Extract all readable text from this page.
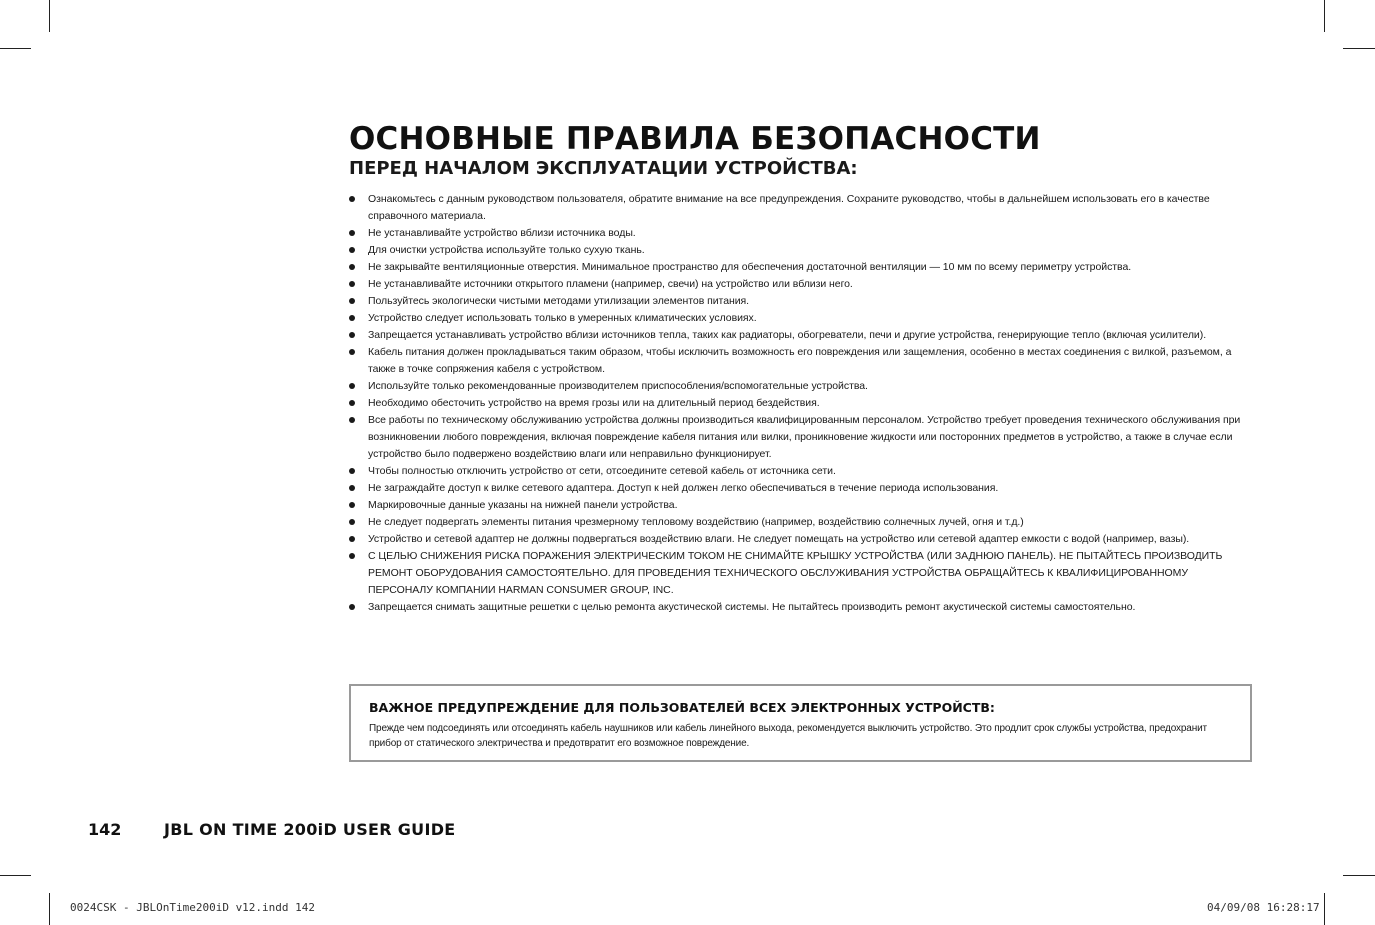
ОСНОВНЫЕ ПРАВИЛА БЕЗОПАСНОСТИ
ПЕРЕД НАЧАЛОМ ЭКСПЛУАТАЦИИ УСТРОЙСТВА:
Ознакомьтесь с данным руководством пользователя, обратите внимание на все предупреждения. Сохраните руководство, чтобы в дальнейшем использовать его в качестве справочного материала.
Не устанавливайте устройство вблизи источника воды.
Для очистки устройства используйте только сухую ткань.
Не закрывайте вентиляционные отверстия. Минимальное пространство для обеспечения достаточной вентиляции — 10 мм по всему периметру устройства.
Не устанавливайте источники открытого пламени (например, свечи) на устройство или вблизи него.
Пользуйтесь экологически чистыми методами утилизации элементов питания.
Устройство следует использовать только в умеренных климатических условиях.
Запрещается устанавливать устройство вблизи источников тепла, таких как радиаторы, обогреватели, печи и другие устройства, генерирующие тепло (включая усилители).
Кабель питания должен прокладываться таким образом, чтобы исключить возможность его повреждения или защемления, особенно в местах соединения с вилкой, разъемом, а также в точке сопряжения кабеля с устройством.
Используйте только рекомендованные производителем приспособления/вспомогательные устройства.
Необходимо обесточить устройство на время грозы или на длительный период бездействия.
Все работы по техническому обслуживанию устройства должны производиться квалифицированным персоналом. Устройство требует проведения технического обслуживания при возникновении любого повреждения, включая повреждение кабеля питания или вилки, проникновение жидкости или посторонних предметов в устройство, а также в случае если устройство было подвержено воздействию влаги или неправильно функционирует.
Чтобы полностью отключить устройство от сети, отсоедините сетевой кабель от источника сети.
Не заграждайте доступ к вилке сетевого адаптера. Доступ к ней должен легко обеспечиваться в течение периода использования.
Маркировочные данные указаны на нижней панели устройства.
Не следует подвергать элементы питания чрезмерному тепловому воздействию (например, воздействию солнечных лучей, огня и т.д.)
Устройство и сетевой адаптер не должны подвергаться воздействию влаги. Не следует помещать на устройство или сетевой адаптер емкости с водой (например, вазы).
С ЦЕЛЬЮ СНИЖЕНИЯ РИСКА ПОРАЖЕНИЯ ЭЛЕКТРИЧЕСКИМ ТОКОМ НЕ СНИМАЙТЕ КРЫШКУ УСТРОЙСТВА (ИЛИ ЗАДНЮЮ ПАНЕЛЬ). НЕ ПЫТАЙТЕСЬ ПРОИЗВОДИТЬ РЕМОНТ ОБОРУДОВАНИЯ САМОСТОЯТЕЛЬНО. ДЛЯ ПРОВЕДЕНИЯ ТЕХНИЧЕСКОГО ОБСЛУЖИВАНИЯ УСТРОЙСТВА ОБРАЩАЙТЕСЬ К КВАЛИФИЦИРОВАННОМУ ПЕРСОНАЛУ КОМПАНИИ HARMAN CONSUMER GROUP, INC.
Запрещается снимать защитные решетки с целью ремонта акустической системы. Не пытайтесь производить ремонт акустической системы самостоятельно.
ВАЖНОЕ ПРЕДУПРЕЖДЕНИЕ ДЛЯ ПОЛЬЗОВАТЕЛЕЙ ВСЕХ ЭЛЕКТРОННЫХ УСТРОЙСТВ:

Прежде чем подсоединять или отсоединять кабель наушников или кабель линейного выхода, рекомендуется выключить устройство. Это продлит срок службы устройства, предохранит прибор от статического электричества и предотвратит его возможное повреждение.

142	JBL ON TIME 200iD USER GUIDE
0024CSK - JBLOnTime200iD v12.indd 142	04/09/08 16:28:17
